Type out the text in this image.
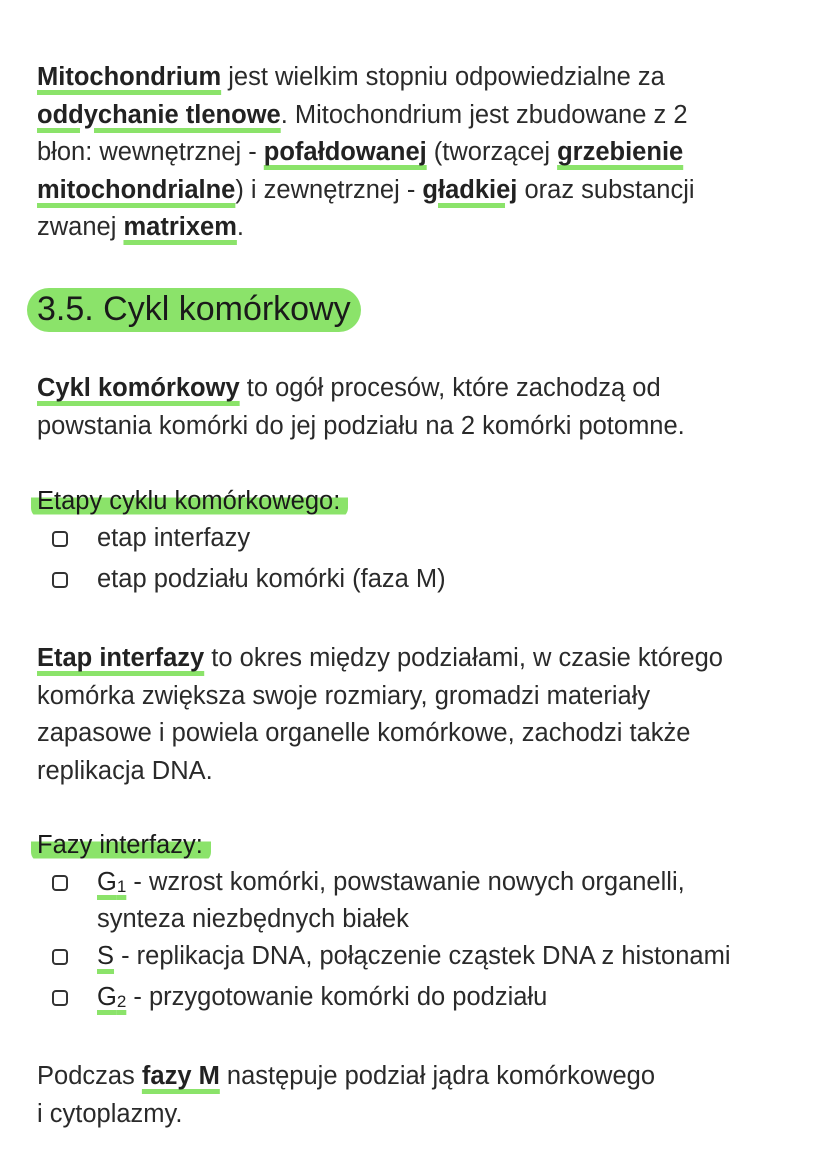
Mitochondrium jest wielkim stopniu odpowiedzialne za
oddychanie tlenowe. Mitochondrium jest zbudowane z 2
błon: wewnętrznej - pofałdowanej (tworzącej grzebienie
mitochondrialne) i zewnętrznej - gładkiej oraz substancji
zwanej matrixem.

3.5. Cykl komórkowy

Cykl komórkowy to ogół procesów, które zachodzą od
powstania komórki do jej podziału na 2 komórki potomne.

Etapy cyklu komórkowego:
etap interfazy
etap podziału komórki (faza M)

Etap interfazy to okres między podziałami, w czasie którego
komórka zwiększa swoje rozmiary, gromadzi materiały
zapasowe i powiela organelle komórkowe, zachodzi także
replikacja DNA.

Fazy interfazy:
$G_1$ - wzrost komórki, powstawanie nowych organelli,
synteza niezbędnych białek
S - replikacja DNA, połączenie cząstek DNA z histonami
$G_2$ - przygotowanie komórki do podziału

Podczas fazy M następuje podział jądra komórkowego
i cytoplazmy.
